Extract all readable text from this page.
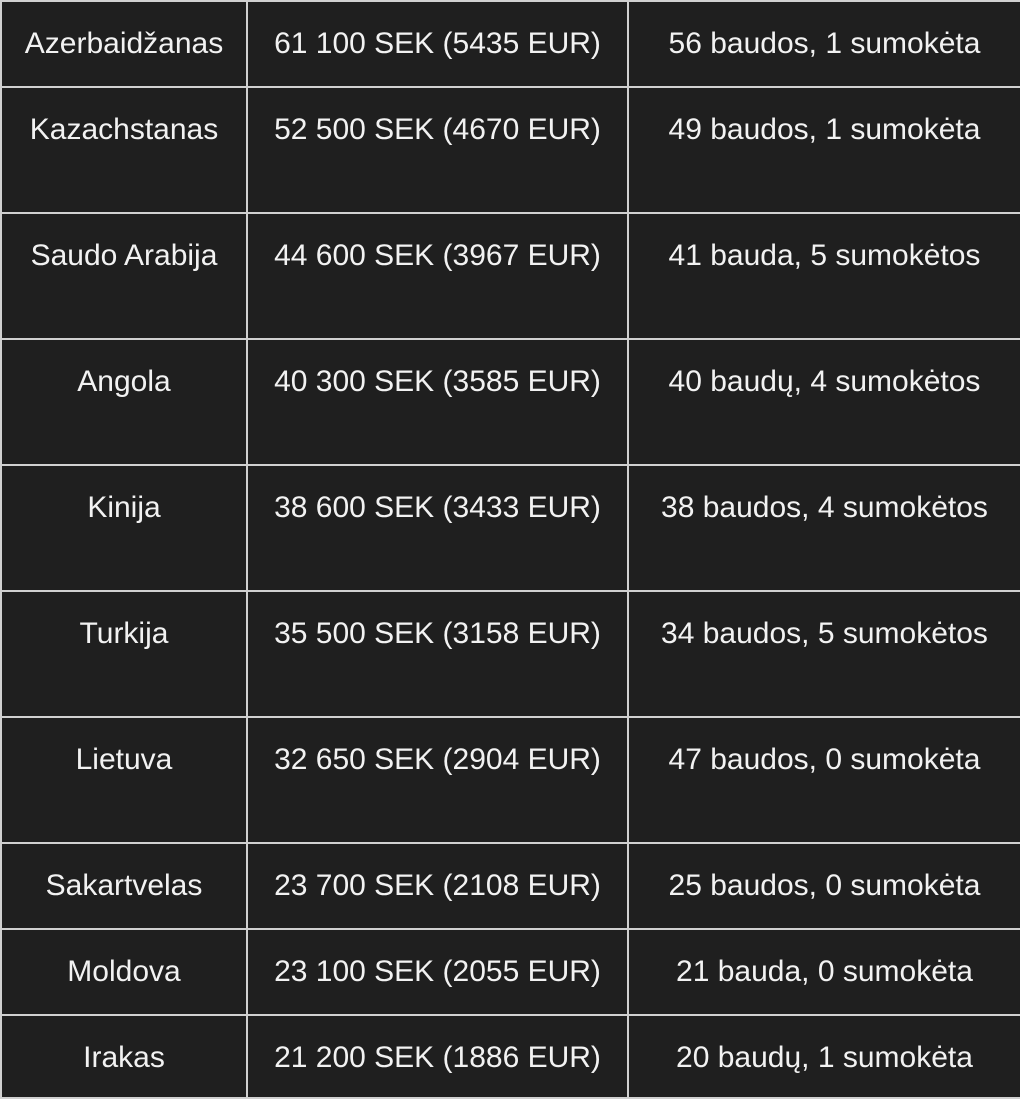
Azerbaidžanas	61 100 SEK (5435 EUR)	56 baudos, 1 sumokėta
Kazachstanas	52 500 SEK (4670 EUR)	49 baudos, 1 sumokėta
Saudo Arabija	44 600 SEK (3967 EUR)	41 bauda, 5 sumokėtos
Angola	40 300 SEK (3585 EUR)	40 baudų, 4 sumokėtos
Kinija	38 600 SEK (3433 EUR)	38 baudos, 4 sumokėtos
Turkija	35 500 SEK (3158 EUR)	34 baudos, 5 sumokėtos
Lietuva	32 650 SEK (2904 EUR)	47 baudos, 0 sumokėta
Sakartvelas	23 700 SEK (2108 EUR)	25 baudos, 0 sumokėta
Moldova	23 100 SEK (2055 EUR)	21 bauda, 0 sumokėta
Irakas	21 200 SEK (1886 EUR)	20 baudų, 1 sumokėta
